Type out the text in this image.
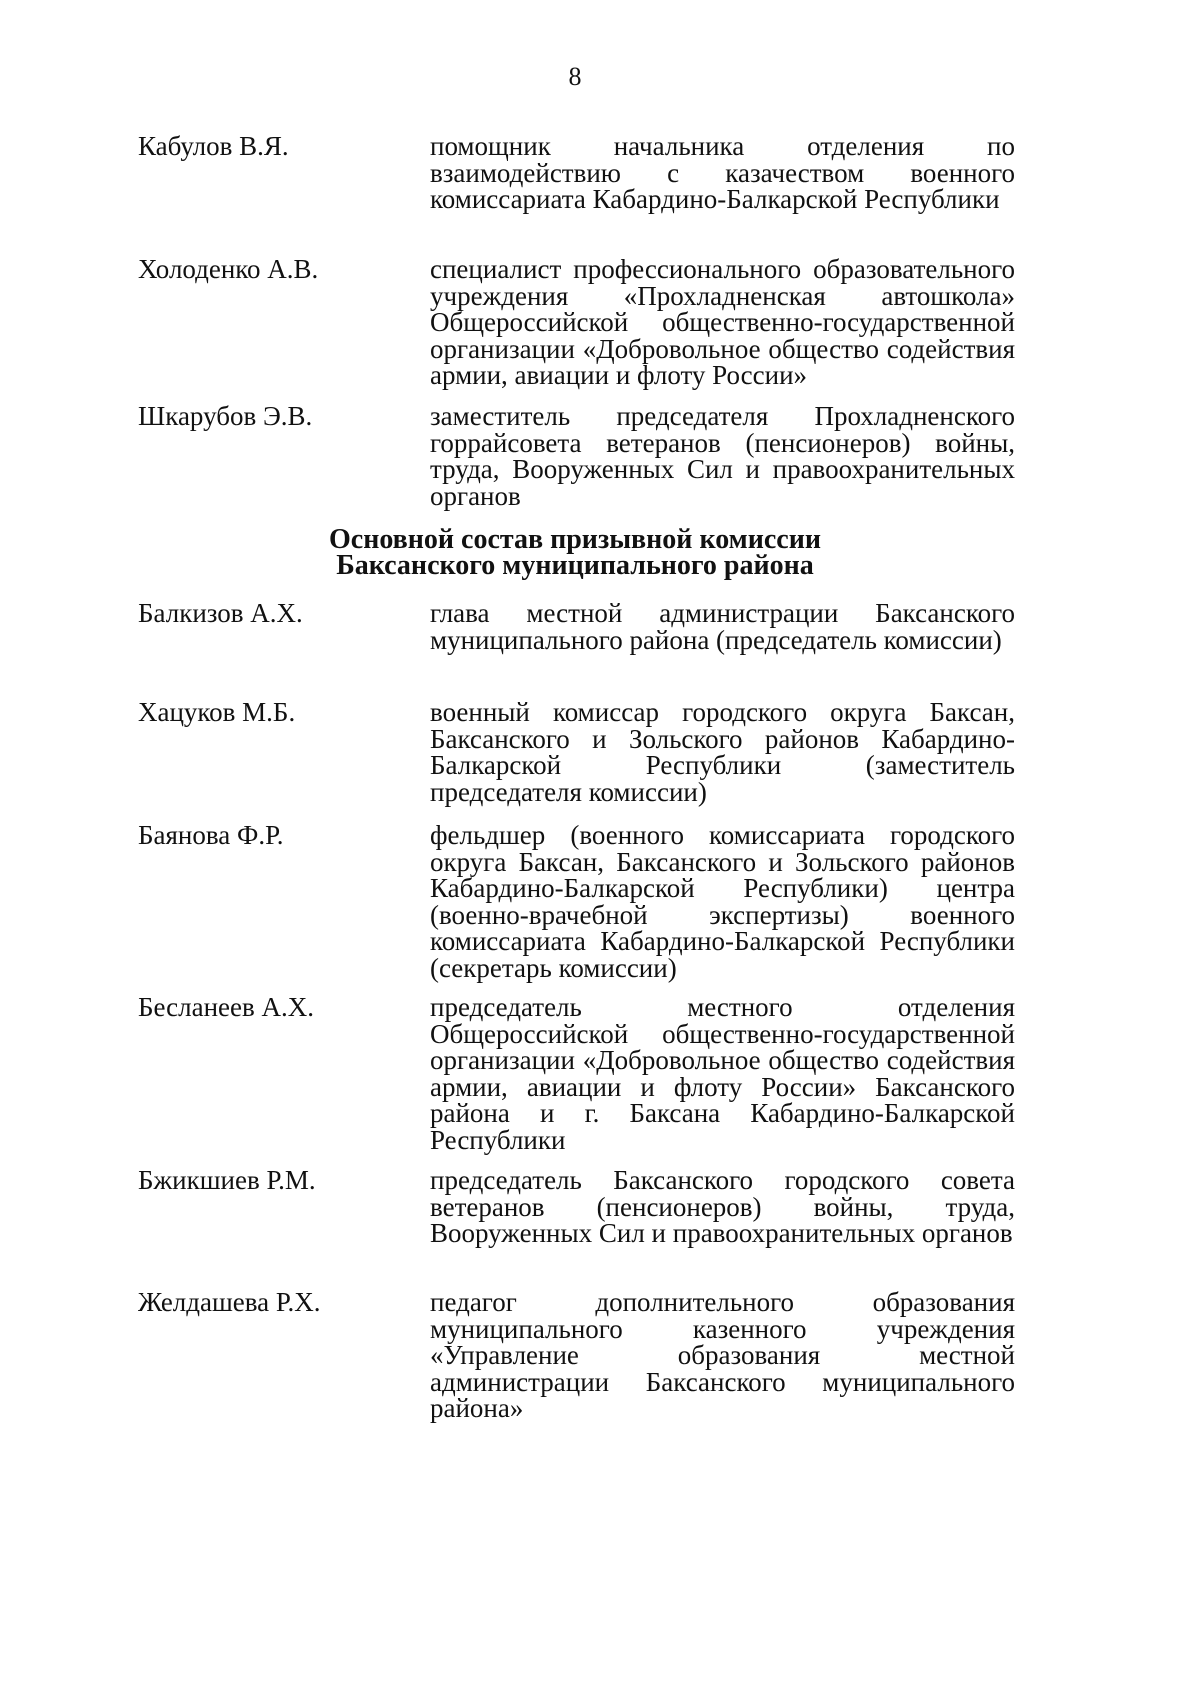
8
Кабулов В.Я.	помощник начальника отделения по взаимодействию с казачеством военного комиссариата Кабардино-Балкарской Республики
Холоденко А.В.	специалист профессионального образовательного учреждения «Прохладненская автошкола» Общероссийской общественно-государственной организации «Добровольное общество содействия армии, авиации и флоту России»
Шкарубов Э.В.	заместитель председателя Прохладненского горрайсовета ветеранов (пенсионеров) войны, труда, Вооруженных Сил и правоохранительных органов
Основной состав призывной комиссии
Баксанского муниципального района
Балкизов А.Х.	глава местной администрации Баксанского муниципального района (председатель комиссии)
Хацуков М.Б.	военный комиссар городского округа Баксан, Баксанского и Зольского районов Кабардино-Балкарской Республики (заместитель председателя комиссии)
Баянова Ф.Р.	фельдшер (военного комиссариата городского округа Баксан, Баксанского и Зольского районов Кабардино-Балкарской Республики) центра (военно-врачебной экспертизы) военного комиссариата Кабардино-Балкарской Республики (секретарь комиссии)
Бесланеев А.Х.	председатель местного отделения Общероссийской общественно-государственной организации «Добровольное общество содействия армии, авиации и флоту России» Баксанского района и г. Баксана Кабардино-Балкарской Республики
Бжикшиев Р.М.	председатель Баксанского городского совета ветеранов (пенсионеров) войны, труда, Вооруженных Сил и правоохранительных органов
Желдашева Р.Х.	педагог дополнительного образования муниципального казенного учреждения «Управление образования местной администрации Баксанского муниципального района»
